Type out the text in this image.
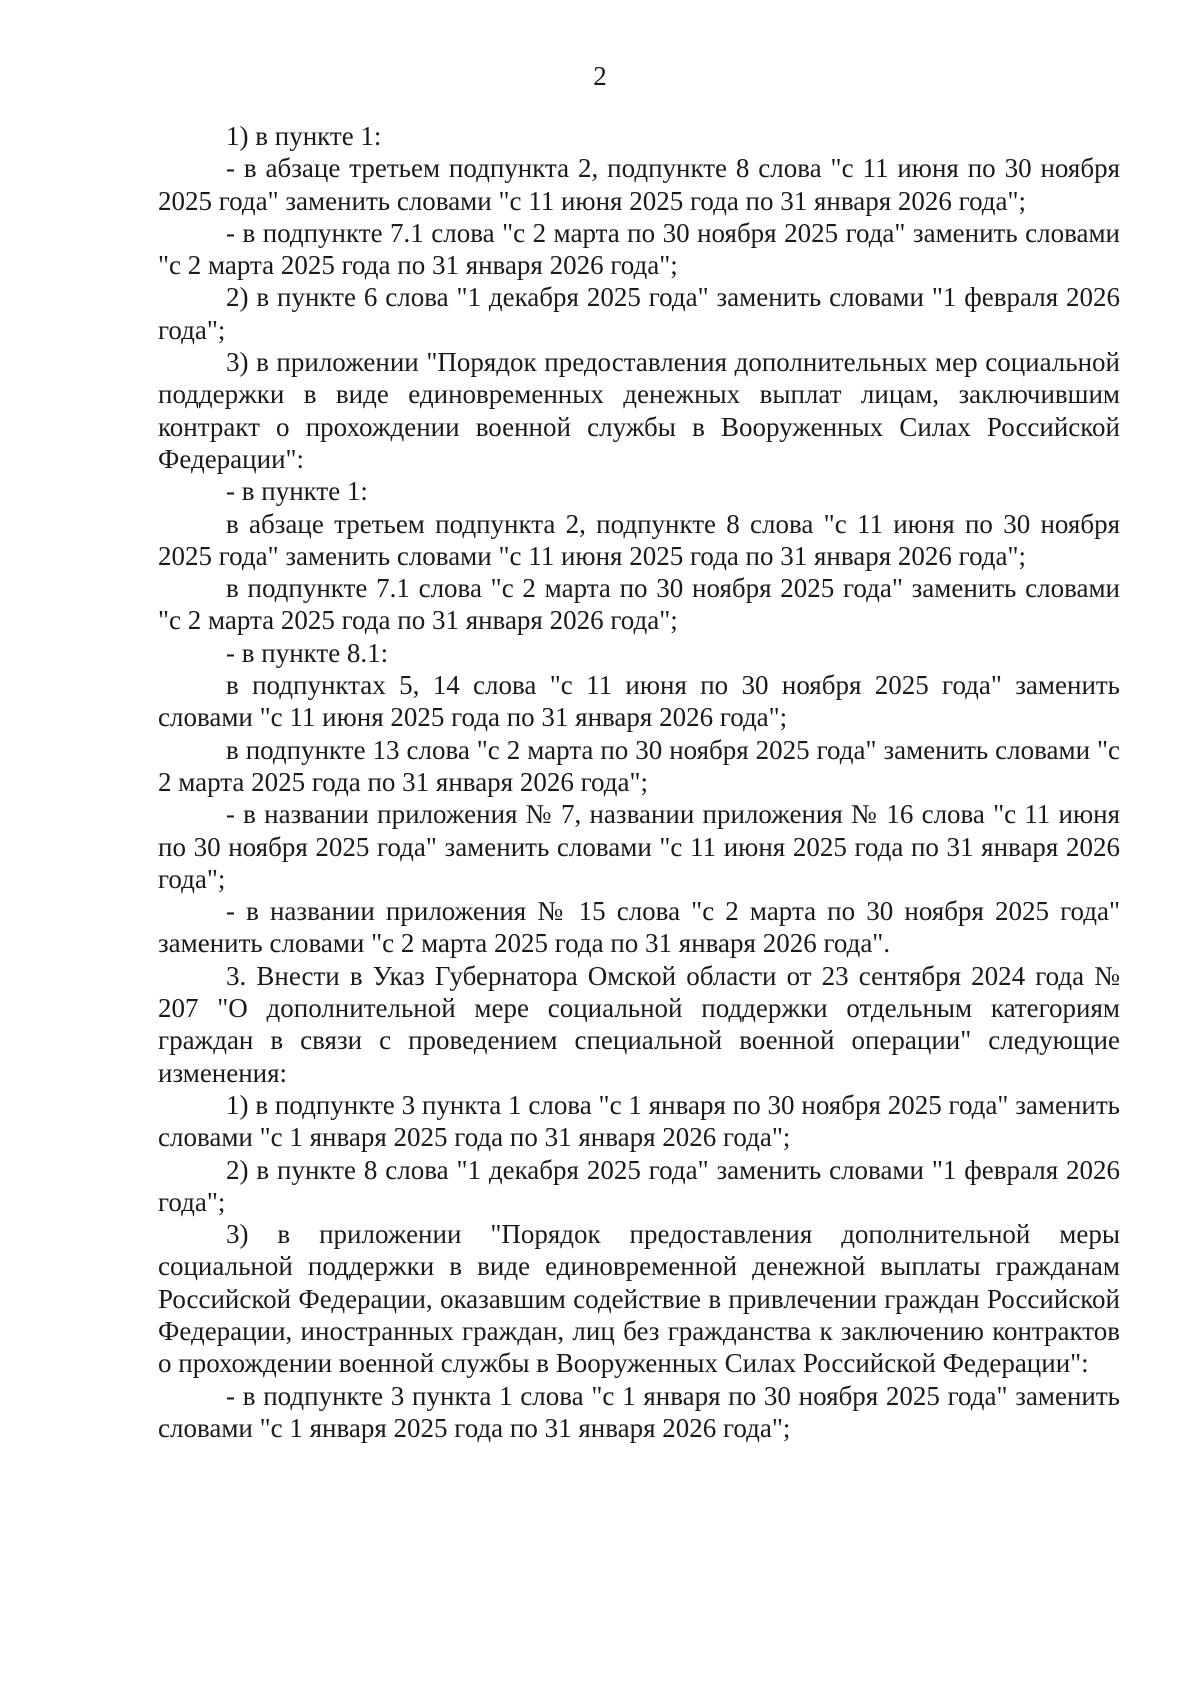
2

1) в пункте 1:

- в абзаце третьем подпункта 2, подпункте 8 слова "с 11 июня по 30 ноября 2025 года" заменить словами "с 11 июня 2025 года по 31 января 2026 года";

- в подпункте 7.1 слова "с 2 марта по 30 ноября 2025 года" заменить словами "с 2 марта 2025 года по 31 января 2026 года";

2) в пункте 6 слова "1 декабря 2025 года" заменить словами "1 февраля 2026 года";

3) в приложении "Порядок предоставления дополнительных мер социальной поддержки в виде единовременных денежных выплат лицам, заключившим контракт о прохождении военной службы в Вооруженных Силах Российской Федерации":

- в пункте 1:

в абзаце третьем подпункта 2, подпункте 8 слова "с 11 июня по 30 ноября 2025 года" заменить словами "с 11 июня 2025 года по 31 января 2026 года";

в подпункте 7.1 слова "с 2 марта по 30 ноября 2025 года" заменить словами "с 2 марта 2025 года по 31 января 2026 года";

- в пункте 8.1:

в подпунктах 5, 14 слова "с 11 июня по 30 ноября 2025 года" заменить словами "с 11 июня 2025 года по 31 января 2026 года";

в подпункте 13 слова "с 2 марта по 30 ноября 2025 года" заменить словами "с 2 марта 2025 года по 31 января 2026 года";

- в названии приложения № 7, названии приложения № 16 слова "с 11 июня по 30 ноября 2025 года" заменить словами "с 11 июня 2025 года по 31 января 2026 года";

- в названии приложения № 15 слова "с 2 марта по 30 ноября 2025 года" заменить словами "с 2 марта 2025 года по 31 января 2026 года".

3. Внести в Указ Губернатора Омской области от 23 сентября 2024 года № 207 "О дополнительной мере социальной поддержки отдельным категориям граждан в связи с проведением специальной военной операции" следующие изменения:

1) в подпункте 3 пункта 1 слова "с 1 января по 30 ноября 2025 года" заменить словами "с 1 января 2025 года по 31 января 2026 года";

2) в пункте 8 слова "1 декабря 2025 года" заменить словами "1 февраля 2026 года";

3) в приложении "Порядок предоставления дополнительной меры социальной поддержки в виде единовременной денежной выплаты гражданам Российской Федерации, оказавшим содействие в привлечении граждан Российской Федерации, иностранных граждан, лиц без гражданства к заключению контрактов о прохождении военной службы в Вооруженных Силах Российской Федерации":

- в подпункте 3 пункта 1 слова "с 1 января по 30 ноября 2025 года" заменить словами "с 1 января 2025 года по 31 января 2026 года";
